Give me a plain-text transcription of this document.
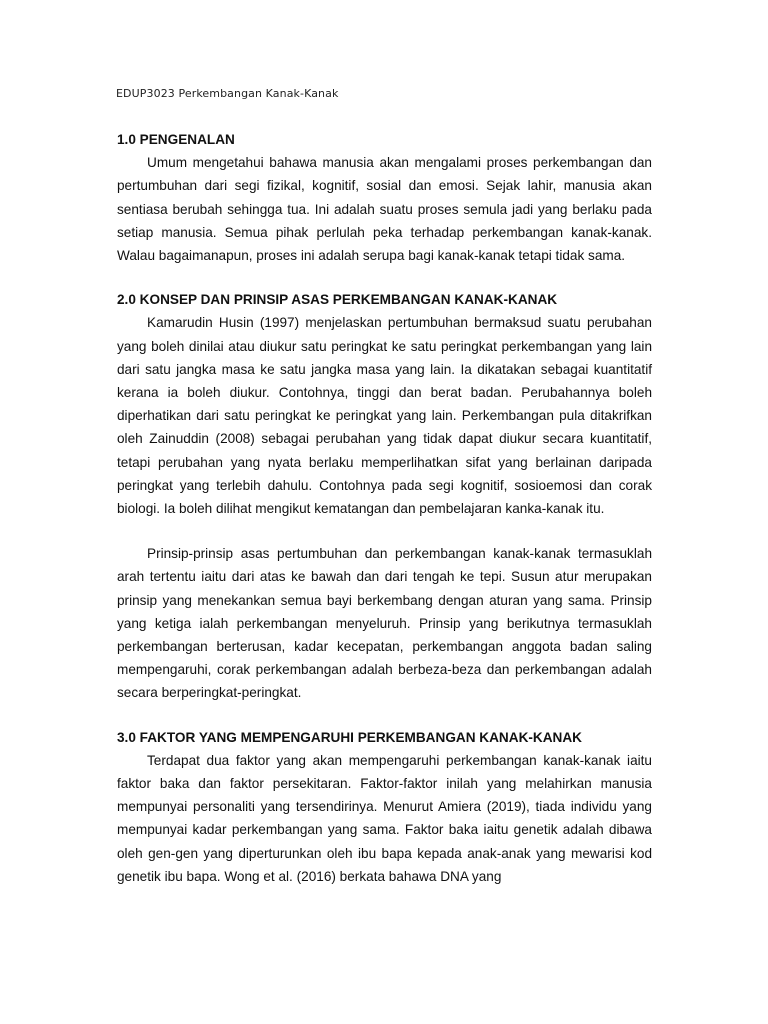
EDUP3023 Perkembangan Kanak-Kanak

1.0 PENGENALAN

Umum mengetahui bahawa manusia akan mengalami proses perkembangan dan pertumbuhan dari segi fizikal, kognitif, sosial dan emosi. Sejak lahir, manusia akan sentiasa berubah sehingga tua. Ini adalah suatu proses semula jadi yang berlaku pada setiap manusia. Semua pihak perlulah peka terhadap perkembangan kanak-kanak. Walau bagaimanapun, proses ini adalah serupa bagi kanak-kanak tetapi tidak sama.

2.0 KONSEP DAN PRINSIP ASAS PERKEMBANGAN KANAK-KANAK

Kamarudin Husin (1997) menjelaskan pertumbuhan bermaksud suatu perubahan yang boleh dinilai atau diukur satu peringkat ke satu peringkat perkembangan yang lain dari satu jangka masa ke satu jangka masa yang lain. Ia dikatakan sebagai kuantitatif kerana ia boleh diukur. Contohnya, tinggi dan berat badan. Perubahannya boleh diperhatikan dari satu peringkat ke peringkat yang lain. Perkembangan pula ditakrifkan oleh Zainuddin (2008) sebagai perubahan yang tidak dapat diukur secara kuantitatif, tetapi perubahan yang nyata berlaku memperlihatkan sifat yang berlainan daripada peringkat yang terlebih dahulu. Contohnya pada segi kognitif, sosioemosi dan corak biologi. Ia boleh dilihat mengikut kematangan dan pembelajaran kanka-kanak itu.

Prinsip-prinsip asas pertumbuhan dan perkembangan kanak-kanak termasuklah arah tertentu iaitu dari atas ke bawah dan dari tengah ke tepi. Susun atur merupakan prinsip yang menekankan semua bayi berkembang dengan aturan yang sama. Prinsip yang ketiga ialah perkembangan menyeluruh. Prinsip yang berikutnya termasuklah perkembangan berterusan, kadar kecepatan, perkembangan anggota badan saling mempengaruhi, corak perkembangan adalah berbeza-beza dan perkembangan adalah secara berperingkat-peringkat.

3.0 FAKTOR YANG MEMPENGARUHI PERKEMBANGAN KANAK-KANAK

Terdapat dua faktor yang akan mempengaruhi perkembangan kanak-kanak iaitu faktor baka dan faktor persekitaran. Faktor-faktor inilah yang melahirkan manusia mempunyai personaliti yang tersendirinya. Menurut Amiera (2019), tiada individu yang mempunyai kadar perkembangan yang sama. Faktor baka iaitu genetik adalah dibawa oleh gen-gen yang diperturunkan oleh ibu bapa kepada anak-anak yang mewarisi kod genetik ibu bapa. Wong et al. (2016) berkata bahawa DNA yang
